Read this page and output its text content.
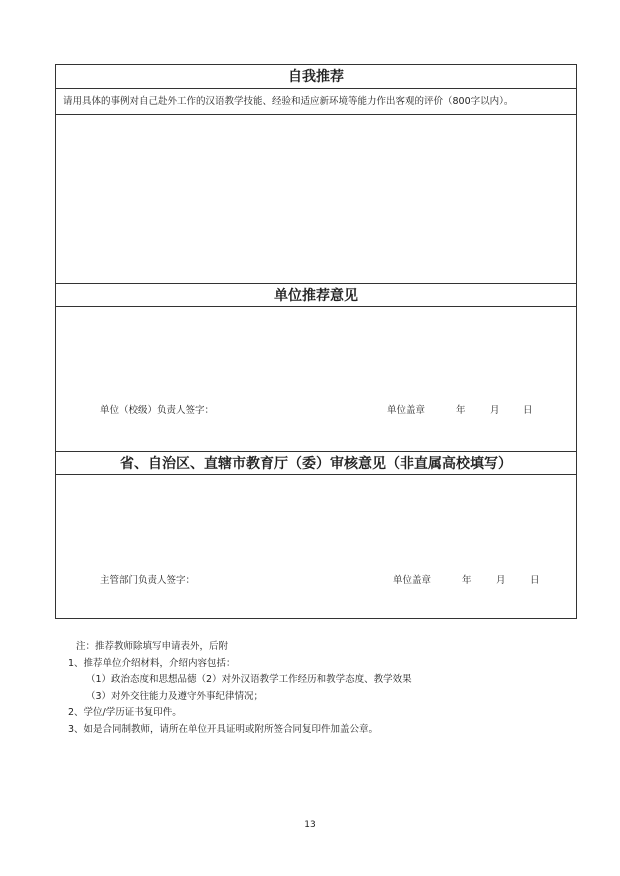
自我推荐
请用具体的事例对自己赴外工作的汉语教学技能、经验和适应新环境等能力作出客观的评价（800字以内）。
单位推荐意见
单位（校级）负责人签字：	单位盖章	年	月 日
省、自治区、直辖市教育厅（委）审核意见（非直属高校填写）
主管部门负责人签字：	单位盖章	年	月	日
注：推荐教师除填写申请表外，后附
1、推荐单位介绍材料，介绍内容包括：
（1）政治态度和思想品德（2）对外汉语教学工作经历和教学态度、教学效果
（3）对外交往能力及遵守外事纪律情况；
2、学位/学历证书复印件。
3、如是合同制教师，请所在单位开具证明或附所签合同复印件加盖公章。
13
